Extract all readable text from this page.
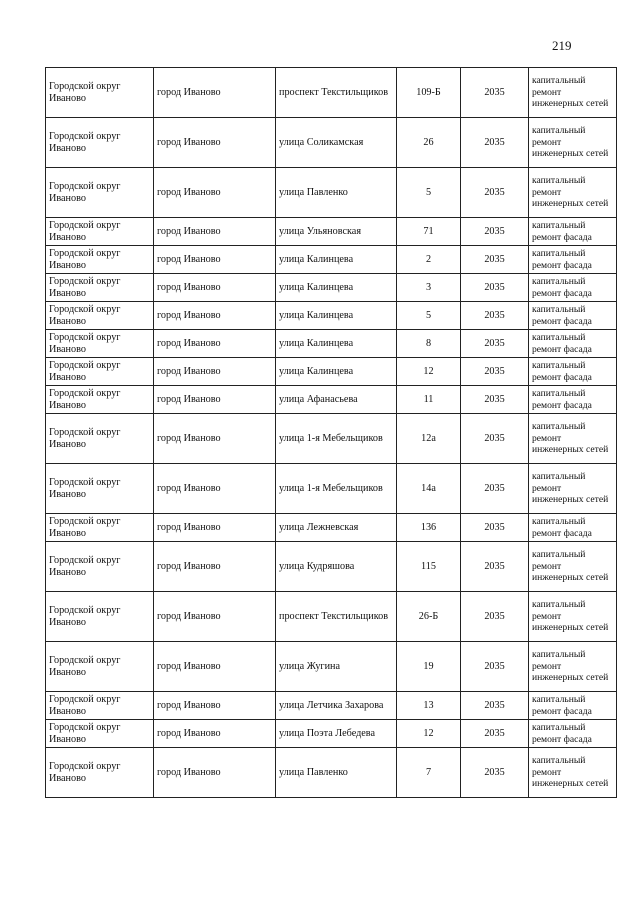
219
Городской округ Иваново	город Иваново	проспект Текстильщиков	109-Б	2035	капитальный ремонт инженерных сетей
Городской округ Иваново	город Иваново	улица Соликамская	26	2035	капитальный ремонт инженерных сетей
Городской округ Иваново	город Иваново	улица Павленко	5	2035	капитальный ремонт инженерных сетей
Городской округ Иваново	город Иваново	улица Ульяновская	71	2035	капитальный ремонт фасада
Городской округ Иваново	город Иваново	улица Калинцева	2	2035	капитальный ремонт фасада
Городской округ Иваново	город Иваново	улица Калинцева	3	2035	капитальный ремонт фасада
Городской округ Иваново	город Иваново	улица Калинцева	5	2035	капитальный ремонт фасада
Городской округ Иваново	город Иваново	улица Калинцева	8	2035	капитальный ремонт фасада
Городской округ Иваново	город Иваново	улица Калинцева	12	2035	капитальный ремонт фасада
Городской округ Иваново	город Иваново	улица Афанасьева	11	2035	капитальный ремонт фасада
Городской округ Иваново	город Иваново	улица 1-я Мебельщиков	12а	2035	капитальный ремонт инженерных сетей
Городской округ Иваново	город Иваново	улица 1-я Мебельщиков	14а	2035	капитальный ремонт инженерных сетей
Городской округ Иваново	город Иваново	улица Лежневская	136	2035	капитальный ремонт фасада
Городской округ Иваново	город Иваново	улица Кудряшова	115	2035	капитальный ремонт инженерных сетей
Городской округ Иваново	город Иваново	проспект Текстильщиков	26-Б	2035	капитальный ремонт инженерных сетей
Городской округ Иваново	город Иваново	улица Жугина	19	2035	капитальный ремонт инженерных сетей
Городской округ Иваново	город Иваново	улица Летчика Захарова	13	2035	капитальный ремонт фасада
Городской округ Иваново	город Иваново	улица Поэта Лебедева	12	2035	капитальный ремонт фасада
Городской округ Иваново	город Иваново	улица Павленко	7	2035	капитальный ремонт инженерных сетей
